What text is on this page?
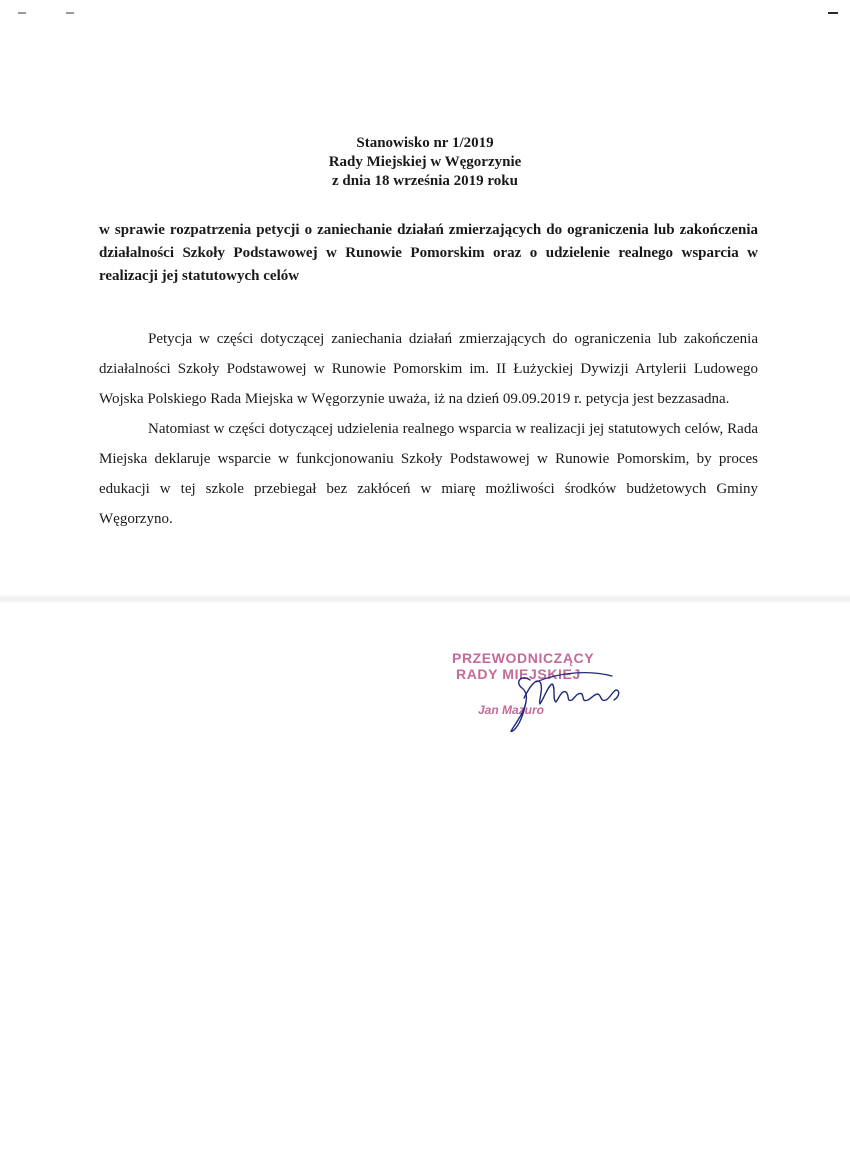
Stanowisko nr 1/2019
Rady Miejskiej w Węgorzynie
z dnia 18 września 2019 roku
w sprawie rozpatrzenia petycji o zaniechanie działań zmierzających do ograniczenia lub zakończenia działalności Szkoły Podstawowej w Runowie Pomorskim oraz o udzielenie realnego wsparcia w realizacji jej statutowych celów

Petycja w części dotyczącej zaniechania działań zmierzających do ograniczenia lub zakończenia działalności Szkoły Podstawowej w Runowie Pomorskim im. II Łużyckiej Dywizji Artylerii Ludowego Wojska Polskiego Rada Miejska w Węgorzynie uważa, iż na dzień 09.09.2019 r. petycja jest bezzasadna.

Natomiast w części dotyczącej udzielenia realnego wsparcia w realizacji jej statutowych celów, Rada Miejska deklaruje wsparcie w funkcjonowaniu Szkoły Podstawowej w Runowie Pomorskim, by proces edukacji w tej szkole przebiegał bez zakłóceń w miarę możliwości środków budżetowych Gminy Węgorzyno.

PRZEWODNICZĄCY
RADY MIEJSKIEJ
Jan Mazuro
